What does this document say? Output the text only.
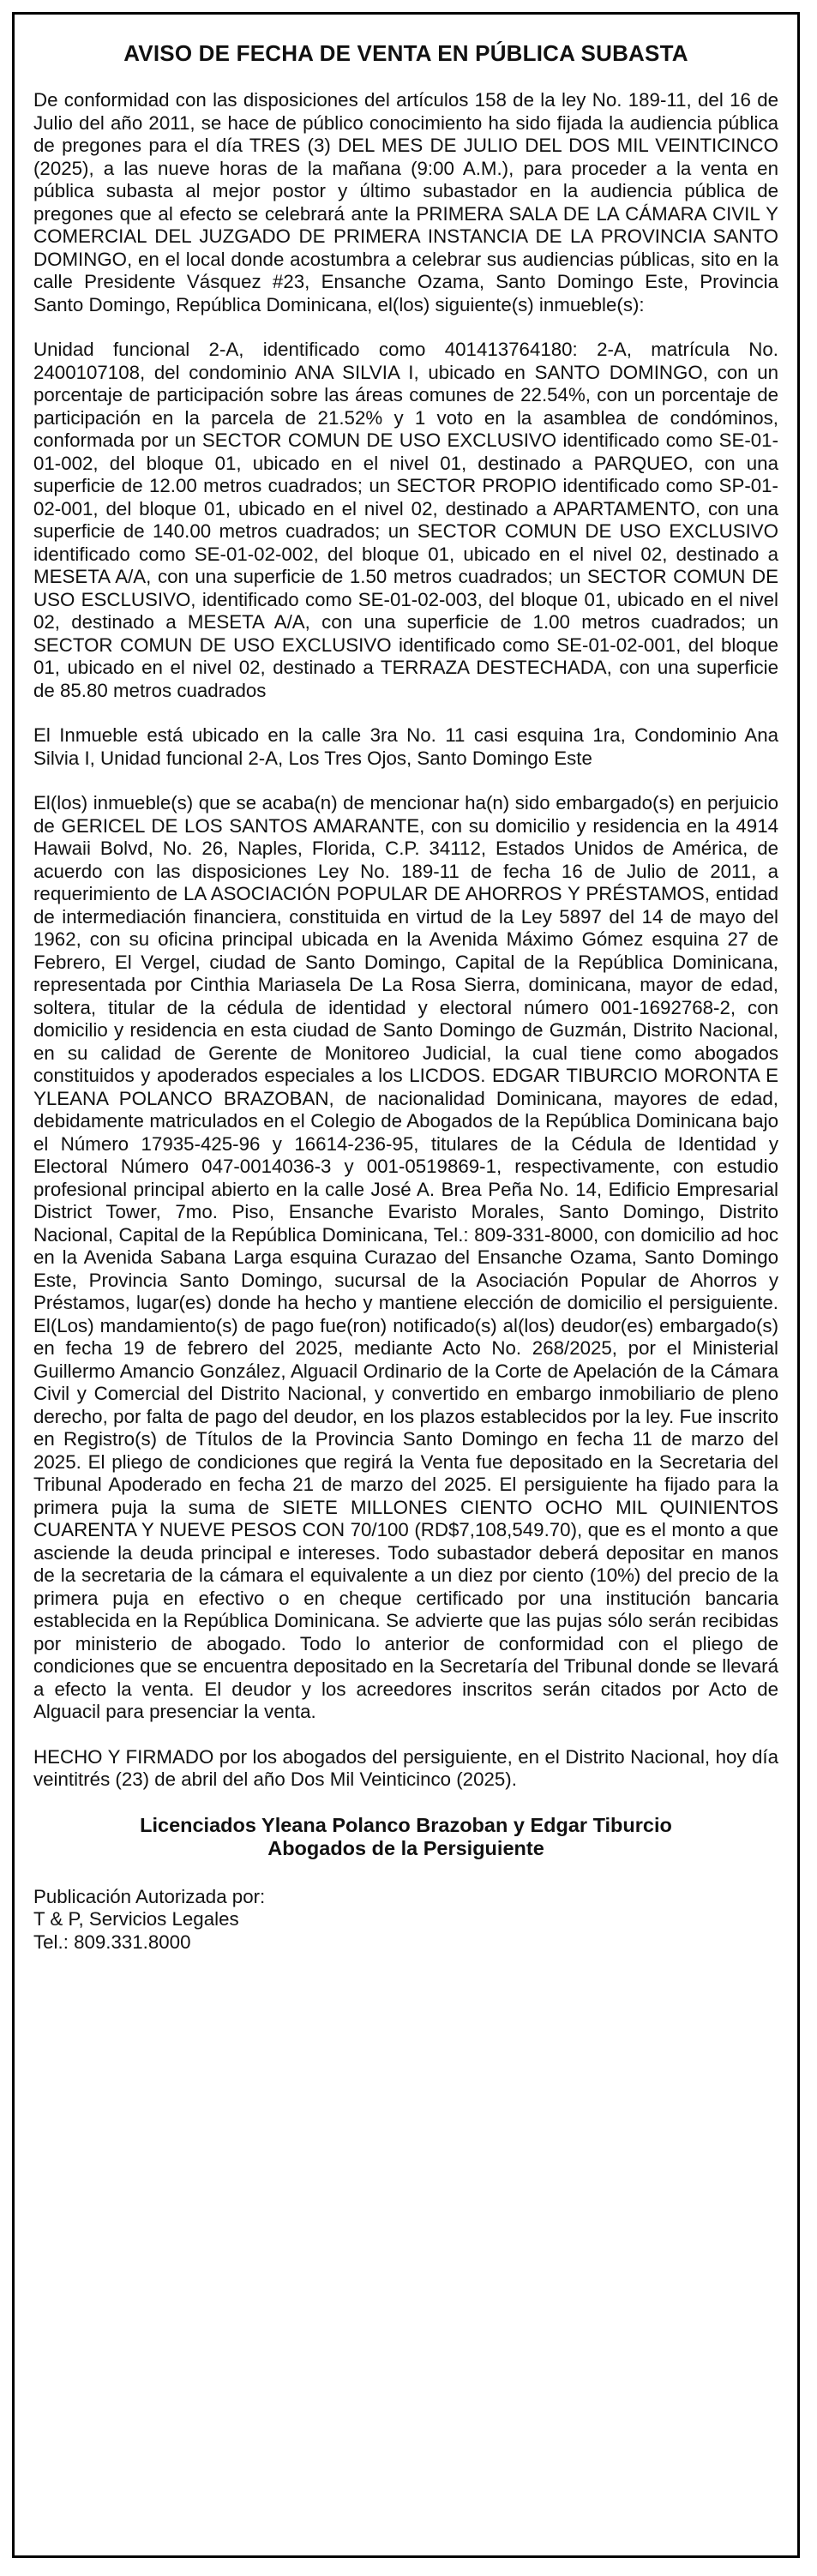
AVISO DE FECHA DE VENTA EN PÚBLICA SUBASTA

De conformidad con las disposiciones del artículos 158 de la ley No. 189-11, del 16 de Julio del año 2011, se hace de público conocimiento ha sido fijada la audiencia pública de pregones para el día TRES (3) DEL MES DE JULIO DEL DOS MIL VEINTICINCO (2025), a las nueve horas de la mañana (9:00 A.M.), para proceder a la venta en pública subasta al mejor postor y último subastador en la audiencia pública de pregones que al efecto se celebrará ante la PRIMERA SALA DE LA CÁMARA CIVIL Y COMERCIAL DEL JUZGADO DE PRIMERA INSTANCIA DE LA PROVINCIA SANTO DOMINGO, en el local donde acostumbra a celebrar sus audiencias públicas, sito en la calle Presidente Vásquez #23, Ensanche Ozama, Santo Domingo Este, Provincia Santo Domingo, República Dominicana, el(los) siguiente(s) inmueble(s):

Unidad funcional 2-A, identificado como 401413764180: 2-A, matrícula No. 2400107108, del condominio ANA SILVIA I, ubicado en SANTO DOMINGO, con un porcentaje de participación sobre las áreas comunes de 22.54%, con un porcentaje de participación en la parcela de 21.52% y 1 voto en la asamblea de condóminos, conformada por un SECTOR COMUN DE USO EXCLUSIVO identificado como SE-01-01-002, del bloque 01, ubicado en el nivel 01, destinado a PARQUEO, con una superficie de 12.00 metros cuadrados; un SECTOR PROPIO identificado como SP-01-02-001, del bloque 01, ubicado en el nivel 02, destinado a APARTAMENTO, con una superficie de 140.00 metros cuadrados; un SECTOR COMUN DE USO EXCLUSIVO identificado como SE-01-02-002, del bloque 01, ubicado en el nivel 02, destinado a MESETA A/A, con una superficie de 1.50 metros cuadrados; un SECTOR COMUN DE USO ESCLUSIVO, identificado como SE-01-02-003, del bloque 01, ubicado en el nivel 02, destinado a MESETA A/A, con una superficie de 1.00 metros cuadrados; un SECTOR COMUN DE USO EXCLUSIVO identificado como SE-01-02-001, del bloque 01, ubicado en el nivel 02, destinado a TERRAZA DESTECHADA, con una superficie de 85.80 metros cuadrados

El Inmueble está ubicado en la calle 3ra No. 11 casi esquina 1ra, Condominio Ana Silvia I, Unidad funcional 2-A, Los Tres Ojos, Santo Domingo Este

El(los) inmueble(s) que se acaba(n) de mencionar ha(n) sido embargado(s) en perjuicio de GERICEL DE LOS SANTOS AMARANTE, con su domicilio y residencia en la 4914 Hawaii Bolvd, No. 26, Naples, Florida, C.P. 34112, Estados Unidos de América, de acuerdo con las disposiciones Ley No. 189-11 de fecha 16 de Julio de 2011, a requerimiento de LA ASOCIACIÓN POPULAR DE AHORROS Y PRÉSTAMOS, entidad de intermediación financiera, constituida en virtud de la Ley 5897 del 14 de mayo del 1962, con su oficina principal ubicada en la Avenida Máximo Gómez esquina 27 de Febrero, El Vergel, ciudad de Santo Domingo, Capital de la República Dominicana, representada por Cinthia Mariasela De La Rosa Sierra, dominicana, mayor de edad, soltera, titular de la cédula de identidad y electoral número 001-1692768-2, con domicilio y residencia en esta ciudad de Santo Domingo de Guzmán, Distrito Nacional, en su calidad de Gerente de Monitoreo Judicial, la cual tiene como abogados constituidos y apoderados especiales a los LICDOS. EDGAR TIBURCIO MORONTA E YLEANA POLANCO BRAZOBAN, de nacionalidad Dominicana, mayores de edad, debidamente matriculados en el Colegio de Abogados de la República Dominicana bajo el Número 17935-425-96 y 16614-236-95, titulares de la Cédula de Identidad y Electoral Número 047-0014036-3 y 001-0519869-1, respectivamente, con estudio profesional principal abierto en la calle José A. Brea Peña No. 14, Edificio Empresarial District Tower, 7mo. Piso, Ensanche Evaristo Morales, Santo Domingo, Distrito Nacional, Capital de la República Dominicana, Tel.: 809-331-8000, con domicilio ad hoc en la Avenida Sabana Larga esquina Curazao del Ensanche Ozama, Santo Domingo Este, Provincia Santo Domingo, sucursal de la Asociación Popular de Ahorros y Préstamos, lugar(es) donde ha hecho y mantiene elección de domicilio el persiguiente. El(Los) mandamiento(s) de pago fue(ron) notificado(s) al(los) deudor(es) embargado(s) en fecha 19 de febrero del 2025, mediante Acto No. 268/2025, por el Ministerial Guillermo Amancio González, Alguacil Ordinario de la Corte de Apelación de la Cámara Civil y Comercial del Distrito Nacional, y convertido en embargo inmobiliario de pleno derecho, por falta de pago del deudor, en los plazos establecidos por la ley. Fue inscrito en Registro(s) de Títulos de la Provincia Santo Domingo en fecha 11 de marzo del 2025. El pliego de condiciones que regirá la Venta fue depositado en la Secretaria del Tribunal Apoderado en fecha 21 de marzo del 2025. El persiguiente ha fijado para la primera puja la suma de SIETE MILLONES CIENTO OCHO MIL QUINIENTOS CUARENTA Y NUEVE PESOS CON 70/100 (RD$7,108,549.70), que es el monto a que asciende la deuda principal e intereses. Todo subastador deberá depositar en manos de la secretaria de la cámara el equivalente a un diez por ciento (10%) del precio de la primera puja en efectivo o en cheque certificado por una institución bancaria establecida en la República Dominicana. Se advierte que las pujas sólo serán recibidas por ministerio de abogado. Todo lo anterior de conformidad con el pliego de condiciones que se encuentra depositado en la Secretaría del Tribunal donde se llevará a efecto la venta. El deudor y los acreedores inscritos serán citados por Acto de Alguacil para presenciar la venta.

HECHO Y FIRMADO por los abogados del persiguiente, en el Distrito Nacional, hoy día veintitrés (23) de abril del año Dos Mil Veinticinco (2025).

Licenciados Yleana Polanco Brazoban y Edgar Tiburcio
Abogados de la Persiguiente
Publicación Autorizada por:
T & P, Servicios Legales
Tel.: 809.331.8000
